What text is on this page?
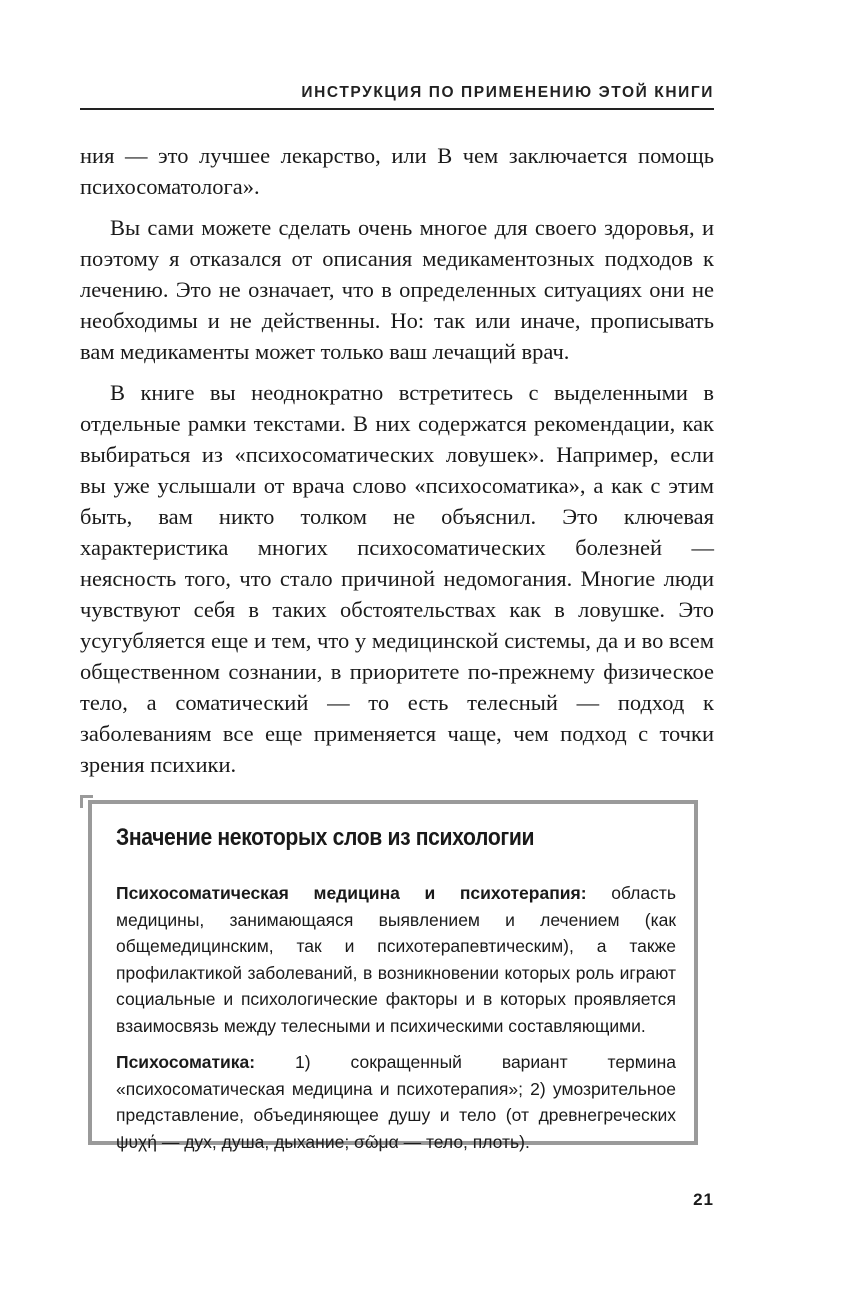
ИНСТРУКЦИЯ ПО ПРИМЕНЕНИЮ ЭТОЙ КНИГИ

ния — это лучшее лекарство, или В чем заключается помощь психосоматолога».

Вы сами можете сделать очень многое для своего здоровья, и поэтому я отказался от описания медикаментозных подходов к лечению. Это не означает, что в определенных ситуациях они не необходимы и не действенны. Но: так или иначе, прописывать вам медикаменты может только ваш лечащий врач.

В книге вы неоднократно встретитесь с выделенными в отдельные рамки текстами. В них содержатся рекомендации, как выбираться из «психосоматических ловушек». Например, если вы уже услышали от врача слово «психосоматика», а как с этим быть, вам никто толком не объяснил. Это ключевая характеристика многих психосоматических болезней — неясность того, что стало причиной недомогания. Многие люди чувствуют себя в таких обстоятельствах как в ловушке. Это усугубляется еще и тем, что у медицинской системы, да и во всем общественном сознании, в приоритете по-прежнему физическое тело, а соматический — то есть телесный — подход к заболеваниям все еще применяется чаще, чем подход с точки зрения психики.

Значение некоторых слов из психологии

Психосоматическая медицина и психотерапия: область медицины, занимающаяся выявлением и лечением (как общемедицинским, так и психотерапевтическим), а также профилактикой заболеваний, в возникновении которых роль играют социальные и психологические факторы и в которых проявляется взаимосвязь между телесными и психическими составляющими.

Психосоматика: 1) сокращенный вариант термина «психосоматическая медицина и психотерапия»; 2) умозрительное представление, объединяющее душу и тело (от древнегреческих ψυχή — дух, душа, дыхание; σῶμα — тело, плоть).

21
